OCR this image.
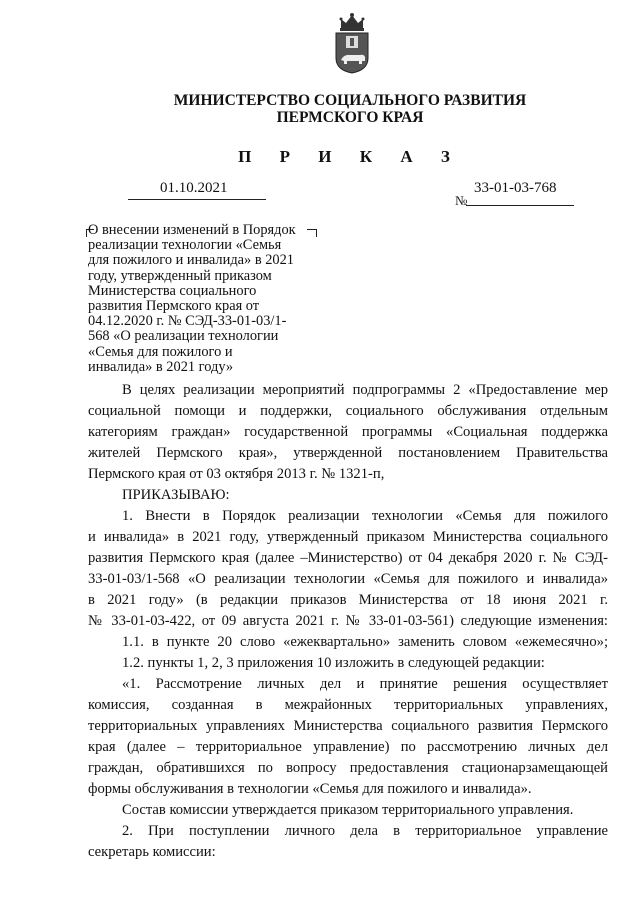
МИНИСТЕРСТВО СОЦИАЛЬНОГО РАЗВИТИЯ
ПЕРМСКОГО КРАЯ
П Р И К А З
01.10.2021
№
33-01-03-768
О внесении изменений в Порядок
реализации технологии «Семья
для пожилого и инвалида» в 2021
году, утвержденный приказом
Министерства социального
развития Пермского края от
04.12.2020 г. № СЭД-33-01-03/1-
568 «О реализации технологии
«Семья для пожилого и
инвалида» в 2021 году»
В целях реализации мероприятий подпрограммы 2 «Предоставление мер
социальной помощи и поддержки, социального обслуживания отдельным
категориям граждан» государственной программы «Социальная поддержка
жителей Пермского края», утвержденной постановлением Правительства
Пермского края от 03 октября 2013 г. № 1321-п,
ПРИКАЗЫВАЮ:
1. Внести в Порядок реализации технологии «Семья для пожилого
и инвалида» в 2021 году, утвержденный приказом Министерства социального
развития Пермского края (далее –Министерство) от 04 декабря 2020 г. № СЭД-
33-01-03/1-568 «О реализации технологии «Семья для пожилого и инвалида»
в 2021 году» (в редакции приказов Министерства от 18 июня 2021 г.
№ 33-01-03-422, от 09 августа 2021 г. № 33-01-03-561) следующие изменения:
1.1. в пункте 20 слово «ежеквартально» заменить словом «ежемесячно»;
1.2. пункты 1, 2, 3 приложения 10 изложить в следующей редакции:
«1. Рассмотрение личных дел и принятие решения осуществляет
комиссия, созданная в межрайонных территориальных управлениях,
территориальных управлениях Министерства социального развития Пермского
края (далее – территориальное управление) по рассмотрению личных дел
граждан, обратившихся по вопросу предоставления стационарзамещающей
формы обслуживания в технологии «Семья для пожилого и инвалида».
Состав комиссии утверждается приказом территориального управления.
2. При поступлении личного дела в территориальное управление
секретарь комиссии:
